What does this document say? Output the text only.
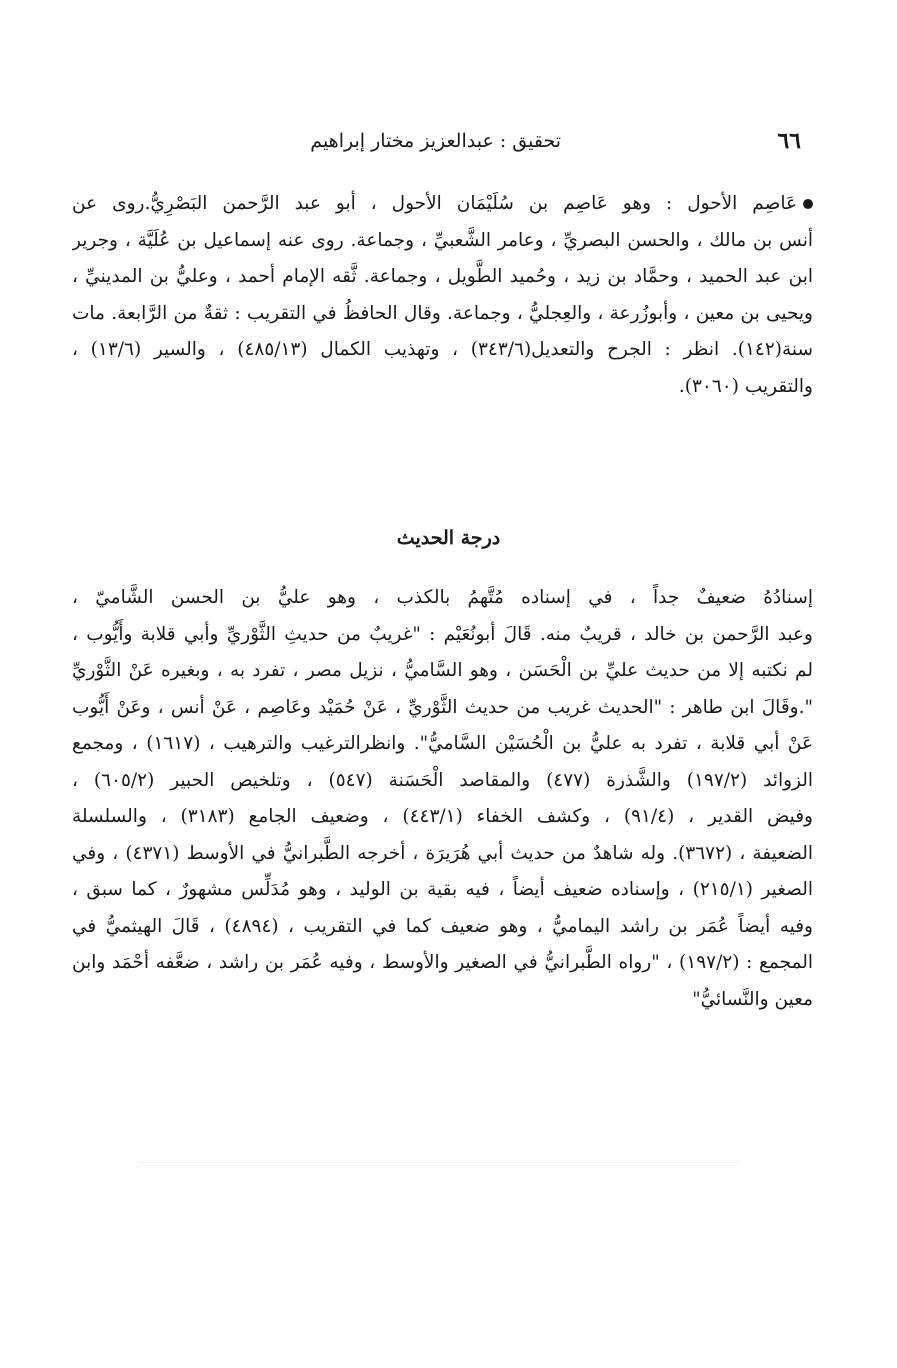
٦٦
تحقيق : عبدالعزيز مختار إبراهيم
عَاصِم الأحول : وهو عَاصِم بن سُلَيْمَان الأحول ، أبو عبد الرَّحمن البَصْرِيُّ.روى عن
أنس بن مالك ، والحسن البصريِّ ، وعامر الشَّعبيِّ ، وجماعة. روى عنه إسماعيل بن عُلَيَّة ، وجرير
ابن عبد الحميد ، وحمَّاد بن زيد ، وحُميد الطَّويل ، وجماعة. ثَّقه الإمام أحمد ، وعليُّ بن المدينيِّ ،
ويحيى بن معين ، وأبوزُرعة ، والعِجليُّ ، وجماعة. وقال الحافظُ في التقريب : ثقةٌ من الرَّابعة. مات
سنة(١٤٢). انظر : الجرح والتعديل(٣٤٣/٦) ، وتهذيب الكمال (٤٨٥/١٣) ، والسير (١٣/٦) ،
والتقريب (٣٠٦٠).
درجة الحديث
إسنادُهُ ضعيفٌ جداً ، في إسناده مُتَّهمُ بالكذب ، وهو عليُّ بن الحسن الشَّاميّ ،
وعبد الرَّحمن بن خالد ، قريبٌ منه. قَالَ أبونُعَيْم : "غريبٌ من حديثِ الثَّوْريِّ وأبي قلابة وأَيُّوب ،
لم نكتبه إلا من حديث عليِّ بن الْحَسَن ، وهو السَّاميُّ ، نزيل مصر ، تفرد به ، وبغيره عَنْ الثَّوْريِّ
".وقَالَ ابن طاهر : "الحديث غريب من حديث الثَّوْريِّ ، عَنْ حُمَيْد وعَاصِم ، عَنْ أنس ، وعَنْ أَيُّوب
عَنْ أبي قلابة ، تفرد به عليُّ بن الْحُسَيْن السَّاميُّ". وانظرالترغيب والترهيب ، (١٦١٧) ، ومجمع
الزوائد (١٩٧/٢) والشَّذرة (٤٧٧) والمقاصد الْحَسَنة (٥٤٧) ، وتلخيص الحبير (٦٠٥/٢) ،
وفيض القدير ، (٩١/٤) ، وكشف الخفاء (٤٤٣/١) ، وضعيف الجامع (٣١٨٣) ، والسلسلة
الضعيفة ، (٣٦٧٢). وله شاهدٌ من حديث أبي هُرَيرَة ، أخرجه الطَّبرانيُّ في الأوسط (٤٣٧١) ، وفي
الصغير (٢١٥/١) ، وإسناده ضعيف أيضاً ، فيه بقية بن الوليد ، وهو مُدَلِّس مشهورٌ ، كما سبق ،
وفيه أيضاً عُمَر بن راشد اليماميُّ ، وهو ضعيف كما في التقريب ، (٤٨٩٤) ، قَالَ الهيثميُّ في
المجمع : (١٩٧/٢) ، "رواه الطَّبرانيُّ في الصغير والأوسط ، وفيه عُمَر بن راشد ، ضعَّفه أحْمَد وابن
معين والنَّسائيُّ"
